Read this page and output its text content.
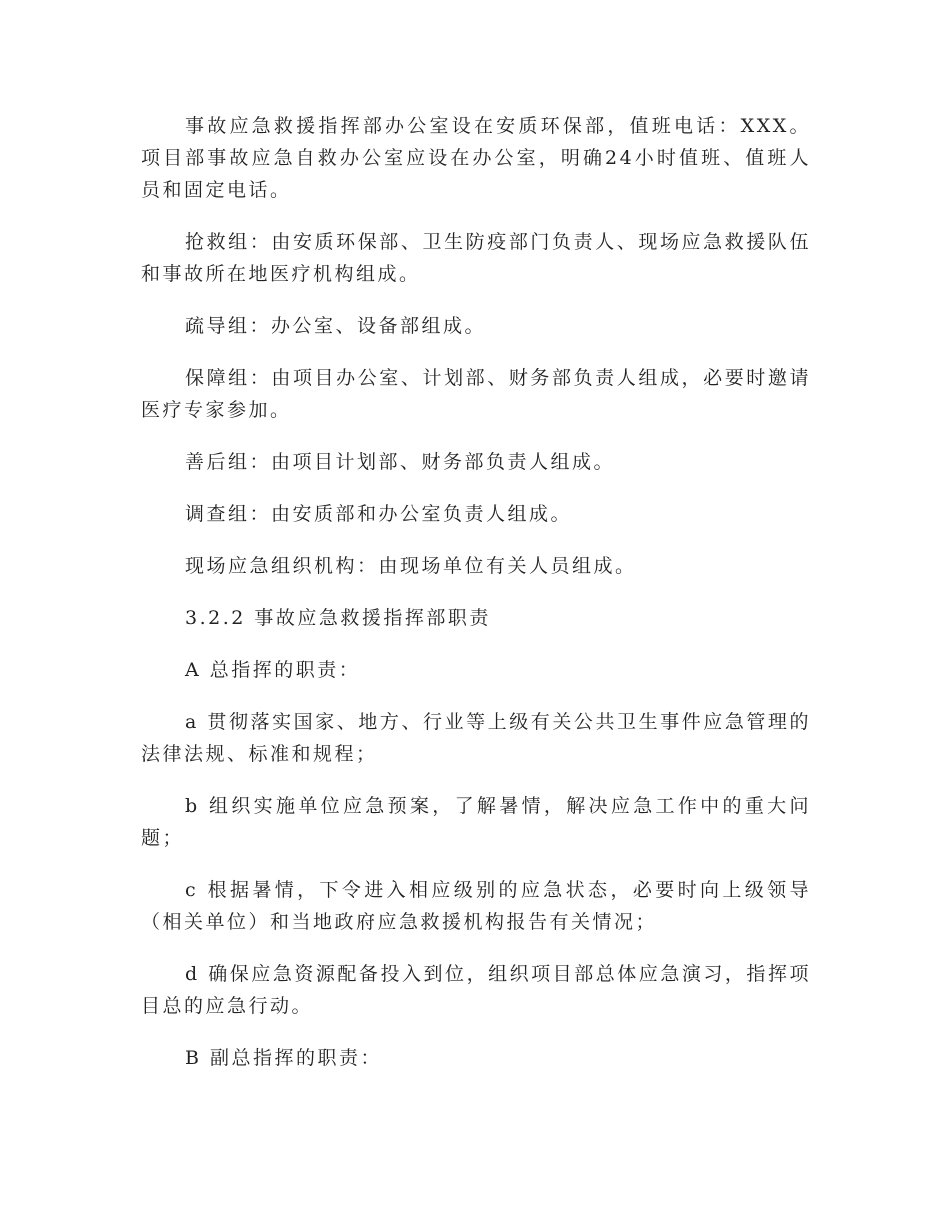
事故应急救援指挥部办公室设在安质环保部，值班电话：XXX。项目部事故应急自救办公室应设在办公室，明确24小时值班、值班人员和固定电话。

抢救组：由安质环保部、卫生防疫部门负责人、现场应急救援队伍和事故所在地医疗机构组成。

疏导组：办公室、设备部组成。

保障组：由项目办公室、计划部、财务部负责人组成，必要时邀请医疗专家参加。

善后组：由项目计划部、财务部负责人组成。

调查组：由安质部和办公室负责人组成。

现场应急组织机构：由现场单位有关人员组成。

3.2.2 事故应急救援指挥部职责

A 总指挥的职责：

a 贯彻落实国家、地方、行业等上级有关公共卫生事件应急管理的法律法规、标准和规程；

b 组织实施单位应急预案，了解暑情，解决应急工作中的重大问题；

c 根据暑情，下令进入相应级别的应急状态，必要时向上级领导（相关单位）和当地政府应急救援机构报告有关情况；

d 确保应急资源配备投入到位，组织项目部总体应急演习，指挥项目总的应急行动。

B 副总指挥的职责：
